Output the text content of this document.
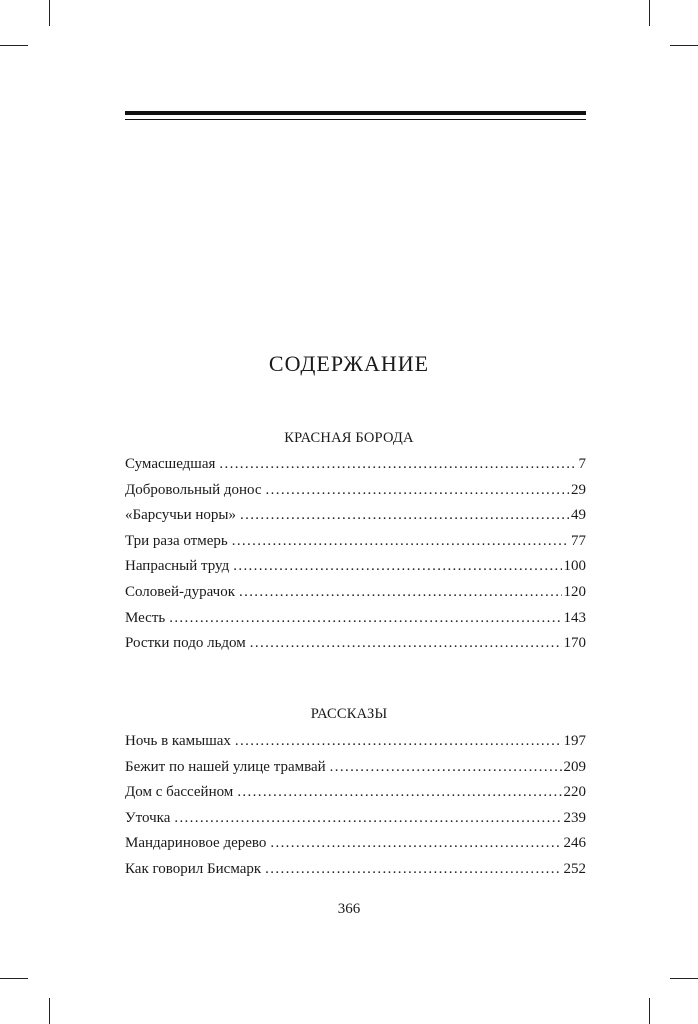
СОДЕРЖАНИЕ
КРАСНАЯ БОРОДА
Сумасшедшая . . .	7
Добровольный донос . . .	29
«Барсучьи норы» . . .	49
Три раза отмерь . . .	77
Напрасный труд . . .	100
Соловей-дурачок . . .	120
Месть . . .	143
Ростки подо льдом . . .	170
РАССКАЗЫ
Ночь в камышах . . .	197
Бежит по нашей улице трамвай . . .	209
Дом с бассейном . . .	220
Уточка . . .	239
Мандариновое дерево . . .	246
Как говорил Бисмарк . . .	252
366
